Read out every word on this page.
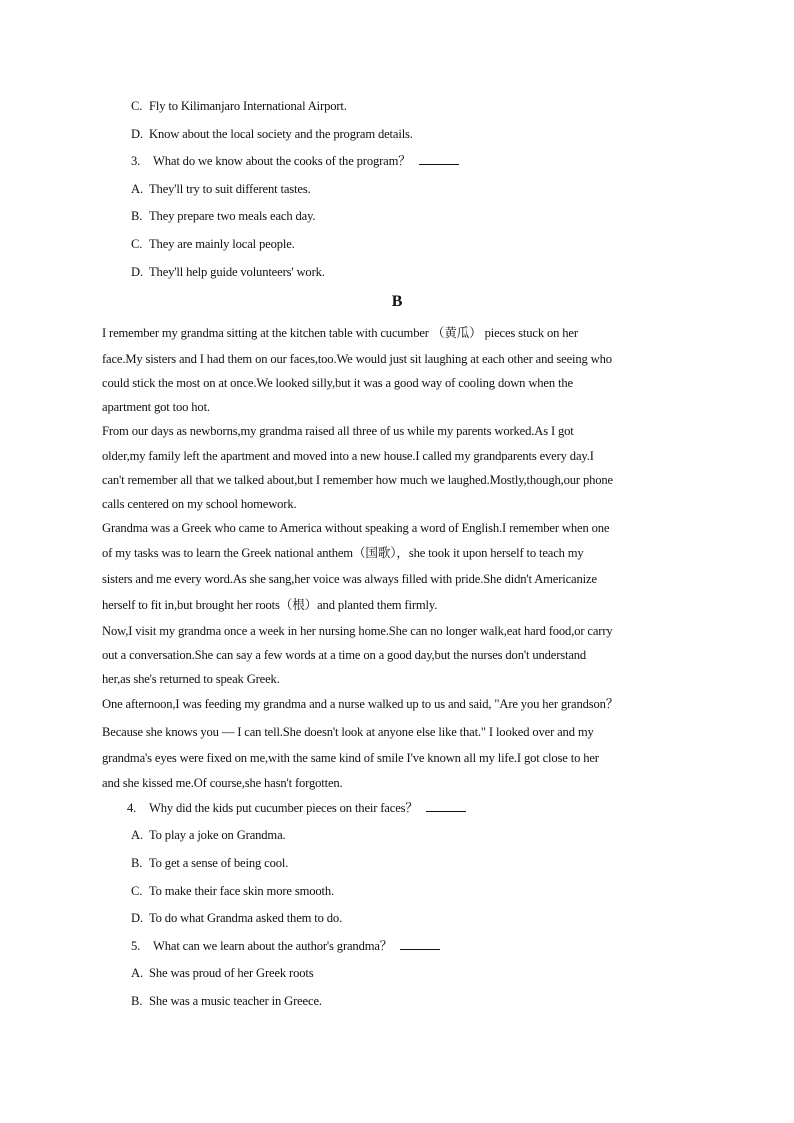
C. Fly to Kilimanjaro International Airport.
D. Know about the local society and the program details.
3. What do we know about the cooks of the program？
A. They'll try to suit different tastes.
B. They prepare two meals each day.
C. They are mainly local people.
D. They'll help guide volunteers' work.
B
I remember my grandma sitting at the kitchen table with cucumber （黄瓜） pieces stuck on her
face.My sisters and I had them on our faces,too.We would just sit laughing at each other and seeing who
could stick the most on at once.We looked silly,but it was a good way of cooling down when the
apartment got too hot.
From our days as newborns,my grandma raised all three of us while my parents worked.As I got
older,my family left the apartment and moved into a new house.I called my grandparents every day.I
can't remember all that we talked about,but I remember how much we laughed.Mostly,though,our phone
calls centered on my school homework.
Grandma was a Greek who came to America without speaking a word of English.I remember when one
of my tasks was to learn the Greek national anthem（国歌），she took it upon herself to teach my
sisters and me every word.As she sang,her voice was always filled with pride.She didn't Americanize
herself to fit in,but brought her roots（根）and planted them firmly.
Now,I visit my grandma once a week in her nursing home.She can no longer walk,eat hard food,or carry
out a conversation.She can say a few words at a time on a good day,but the nurses don't understand
her,as she's returned to speak Greek.
One afternoon,I was feeding my grandma and a nurse walked up to us and said, "Are you her grandson？
Because she knows you — I can tell.She doesn't look at anyone else like that." I looked over and my
grandma's eyes were fixed on me,with the same kind of smile I've known all my life.I got close to her
and she kissed me.Of course,she hasn't forgotten.
4. Why did the kids put cucumber pieces on their faces？
A. To play a joke on Grandma.
B. To get a sense of being cool.
C. To make their face skin more smooth.
D. To do what Grandma asked them to do.
5. What can we learn about the author's grandma？
A. She was proud of her Greek roots
B. She was a music teacher in Greece.
